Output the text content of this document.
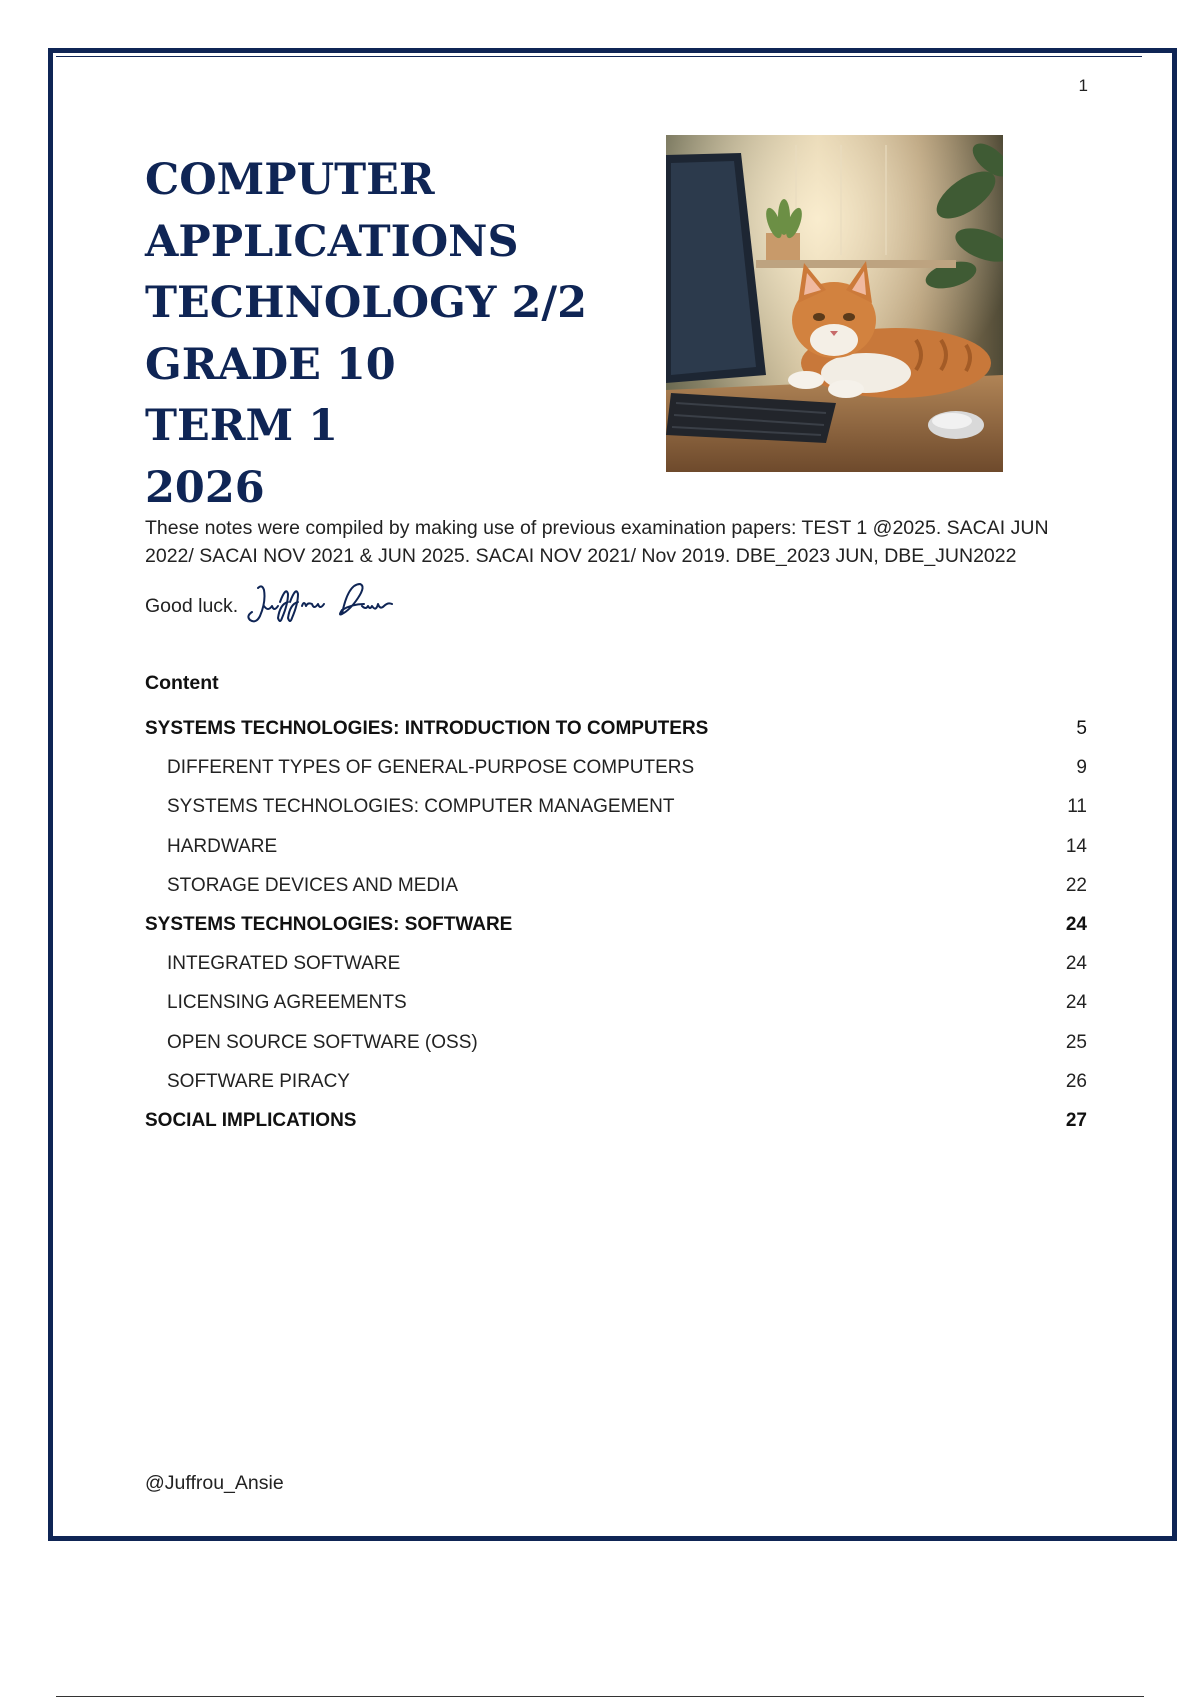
1
COMPUTER
APPLICATIONS
TECHNOLOGY 2/2
GRADE 10
TERM 1
2026

These notes were compiled by making use of previous examination papers: TEST 1 @2025. SACAI JUN 2022/ SACAI NOV 2021 & JUN 2025. SACAI NOV 2021/ Nov 2019. DBE_2023 JUN, DBE_JUN2022

Good luck.
Content
SYSTEMS TECHNOLOGIES: INTRODUCTION TO COMPUTERS	5
DIFFERENT TYPES OF GENERAL-PURPOSE COMPUTERS	9
SYSTEMS TECHNOLOGIES: COMPUTER MANAGEMENT	11
HARDWARE	14
STORAGE DEVICES AND MEDIA	22
SYSTEMS TECHNOLOGIES: SOFTWARE	24
INTEGRATED SOFTWARE	24
LICENSING AGREEMENTS	24
OPEN SOURCE SOFTWARE (OSS)	25
SOFTWARE PIRACY	26
SOCIAL IMPLICATIONS	27
@Juffrou_Ansie
